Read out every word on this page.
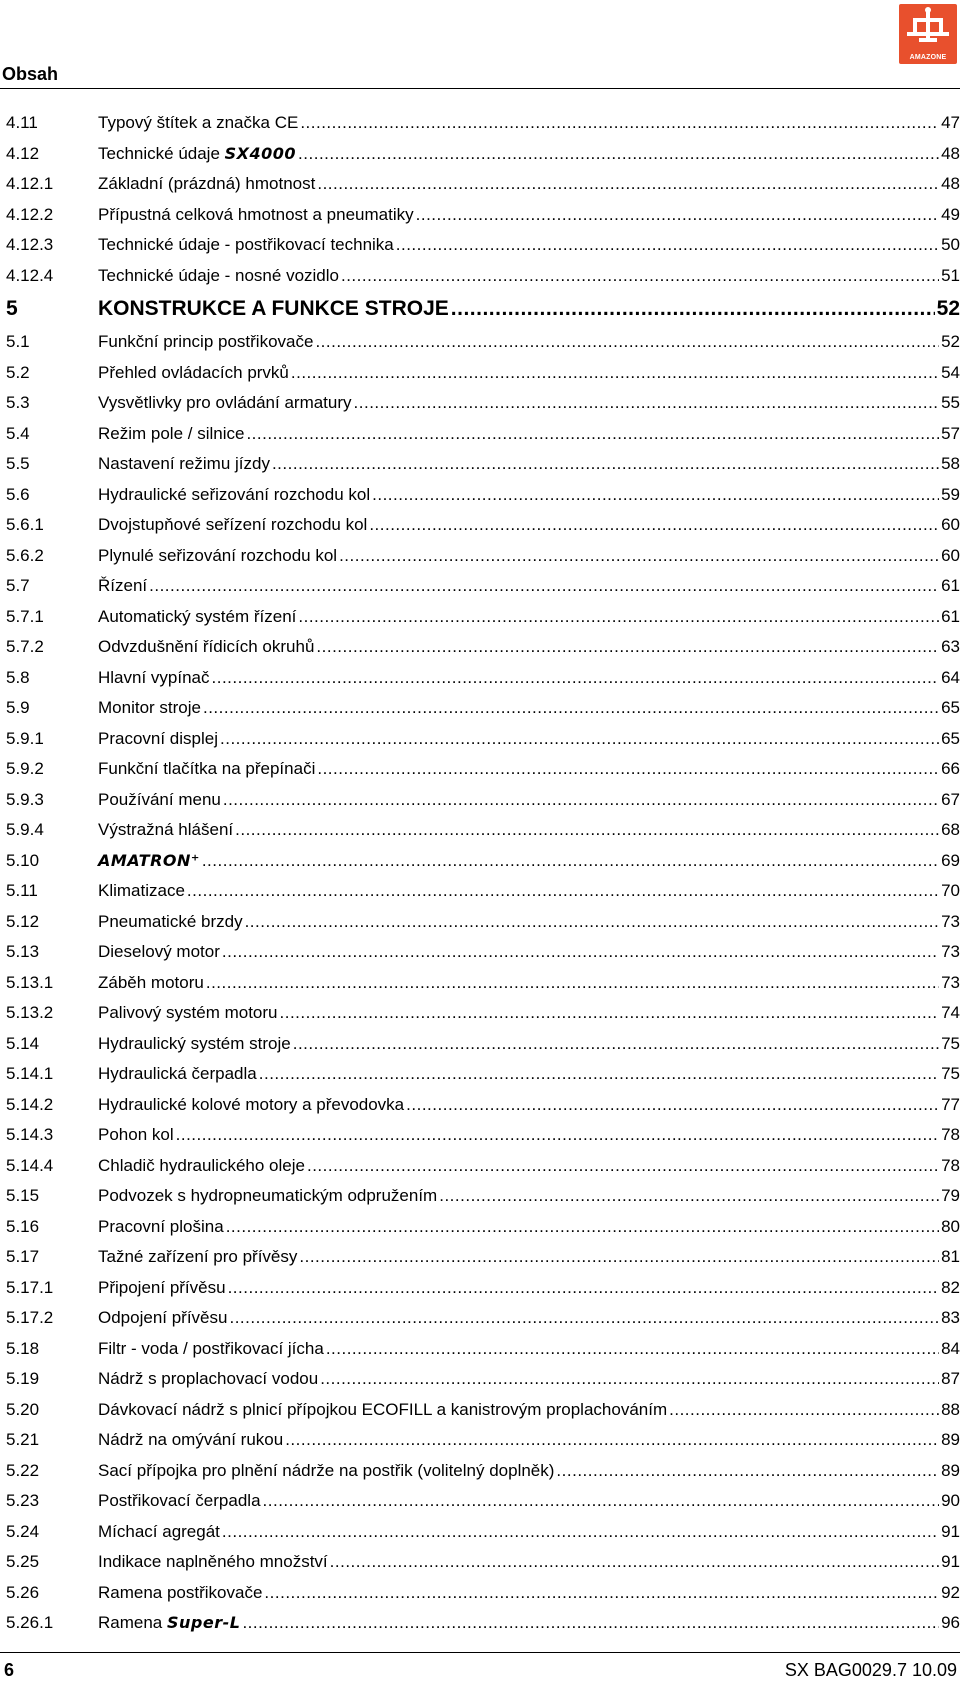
Obsah
AMAZONE
4.11	Typový štítek a značka CE .....	47
4.12	Technické údaje SX4000 .....	48
4.12.1	Základní (prázdná) hmotnost .....	48
4.12.2	Přípustná celková hmotnost a pneumatiky .....	49
4.12.3	Technické údaje - postřikovací technika .....	50
4.12.4	Technické údaje - nosné vozidlo .....	51
5	KONSTRUKCE A FUNKCE STROJE .....	52
5.1	Funkční princip postřikovače .....	52
5.2	Přehled ovládacích prvků .....	54
5.3	Vysvětlivky pro ovládání armatury .....	55
5.4	Režim pole / silnice .....	57
5.5	Nastavení režimu jízdy .....	58
5.6	Hydraulické seřizování rozchodu kol .....	59
5.6.1	Dvojstupňové seřízení rozchodu kol .....	60
5.6.2	Plynulé seřizování rozchodu kol .....	60
5.7	Řízení .....	61
5.7.1	Automatický systém řízení .....	61
5.7.2	Odvzdušnění řídicích okruhů .....	63
5.8	Hlavní vypínač .....	64
5.9	Monitor stroje .....	65
5.9.1	Pracovní displej .....	65
5.9.2	Funkční tlačítka na přepínači .....	66
5.9.3	Používání menu .....	67
5.9.4	Výstražná hlášení .....	68
5.10	AMATRON⁺ .....	69
5.11	Klimatizace .....	70
5.12	Pneumatické brzdy .....	73
5.13	Dieselový motor .....	73
5.13.1	Záběh motoru .....	73
5.13.2	Palivový systém motoru .....	74
5.14	Hydraulický systém stroje .....	75
5.14.1	Hydraulická čerpadla .....	75
5.14.2	Hydraulické kolové motory a převodovka .....	77
5.14.3	Pohon kol .....	78
5.14.4	Chladič hydraulického oleje .....	78
5.15	Podvozek s hydropneumatickým odpružením .....	79
5.16	Pracovní plošina .....	80
5.17	Tažné zařízení pro přívěsy .....	81
5.17.1	Připojení přívěsu .....	82
5.17.2	Odpojení přívěsu .....	83
5.18	Filtr - voda / postřikovací jícha .....	84
5.19	Nádrž s proplachovací vodou .....	87
5.20	Dávkovací nádrž s plnicí přípojkou ECOFILL a kanistrovým proplachováním .....	88
5.21	Nádrž na omývání rukou .....	89
5.22	Sací přípojka pro plnění nádrže na postřik (volitelný doplněk) .....	89
5.23	Postřikovací čerpadla .....	90
5.24	Míchací agregát .....	91
5.25	Indikace naplněného množství .....	91
5.26	Ramena postřikovače .....	92
5.26.1	Ramena Super-L .....	96
6	SX BAG0029.7 10.09
